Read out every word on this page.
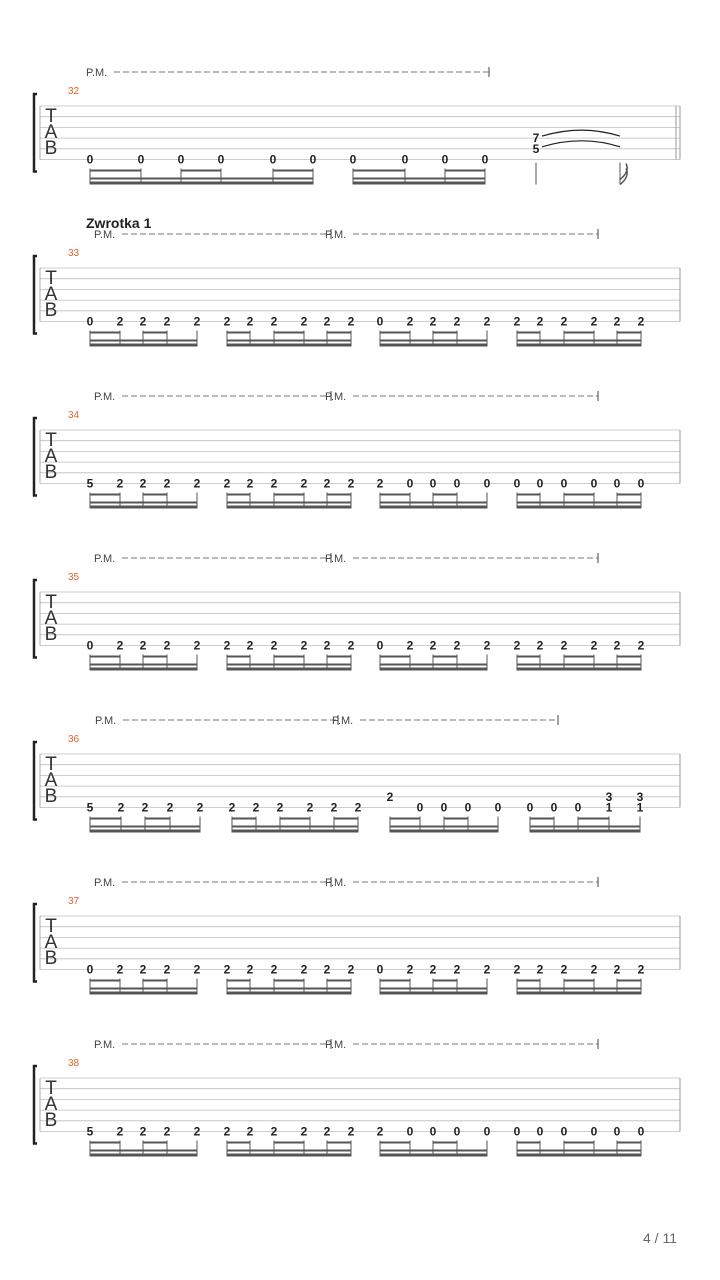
T
A
B
32
P.M.
0	0	0	0	0	0	0	0	0	0
7
5
T
A
B
33
Zwrotka 1
P.M.	P.M.
0 2 2 2 2 2 2 2 2 2 2 0 2 2 2 2 2 2 2 2 2 2
T
A
B
34
P.M.	P.M.
5 2 2 2 2 2 2 2 2 2 2 2 0 0 0 0 0 0 0 0 0 0
T
A
B
35
P.M.	P.M.
0 2 2 2 2 2 2 2 2 2 2 0 2 2 2 2 2 2 2 2 2 2
T
A
B
36
P.M.	P.M.
5 2 2 2 2 2 2 2 2 2 2
2
0 0 0 0 0 0 0
3
1
3
1
T
A
B
37
P.M.	P.M.
0 2 2 2 2 2 2 2 2 2 2 0 2 2 2 2 2 2 2 2 2 2
T
A
B
38
P.M.	P.M.
5 2 2 2 2 2 2 2 2 2 2 2 0 0 0 0 0 0 0 0 0 0
4 / 11
